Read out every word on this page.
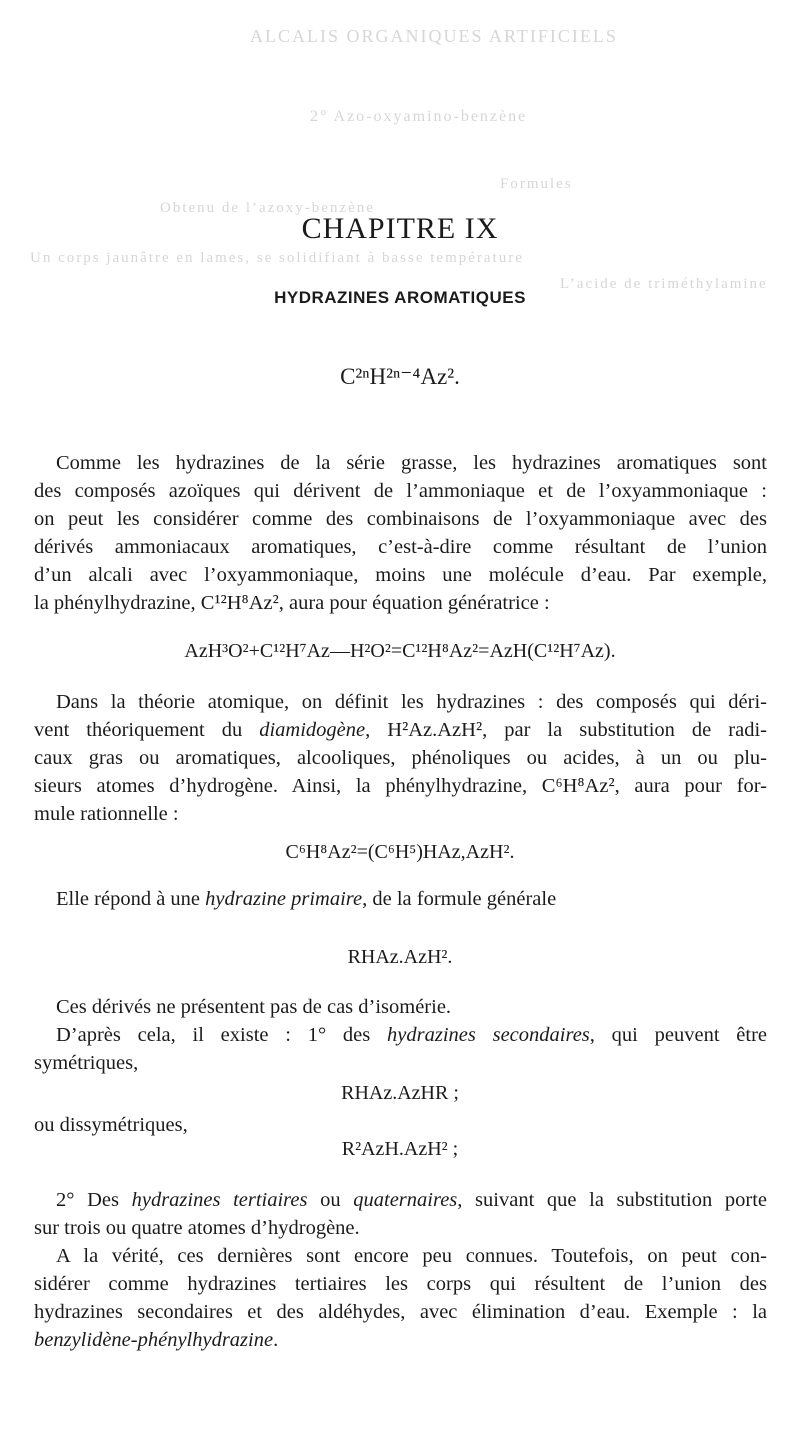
ALCALIS ORGANIQUES ARTIFICIELS
2° Azo-oxyamino-benzène
Formules
Obtenu de l’azoxy-benzène
Un corps jaunâtre en lames, se solidifiant à basse température
L’acide de triméthylamine
CHAPITRE IX
HYDRAZINES AROMATIQUES
C²ⁿH²ⁿ⁻⁴Az².
Comme les hydrazines de la série grasse, les hydrazines aromatiques sont
des composés azoïques qui dérivent de l’ammoniaque et de l’oxyammoniaque :
on peut les considérer comme des combinaisons de l’oxyammoniaque avec des
dérivés ammoniacaux aromatiques, c’est-à-dire comme résultant de l’union
d’un alcali avec l’oxyammoniaque, moins une molécule d’eau. Par exemple,
la phénylhydrazine, C¹²H⁸Az², aura pour équation génératrice :
AzH³O²+C¹²H⁷Az—H²O²=C¹²H⁸Az²=AzH(C¹²H⁷Az).
Dans la théorie atomique, on définit les hydrazines : des composés qui déri-
vent théoriquement du diamidogène, H²Az.AzH², par la substitution de radi-
caux gras ou aromatiques, alcooliques, phénoliques ou acides, à un ou plu-
sieurs atomes d’hydrogène. Ainsi, la phénylhydrazine, C⁶H⁸Az², aura pour for-
mule rationnelle :
C⁶H⁸Az²=(C⁶H⁵)HAz,AzH².
Elle répond à une hydrazine primaire, de la formule générale
RHAz.AzH².
Ces dérivés ne présentent pas de cas d’isomérie.
D’après cela, il existe : 1° des hydrazines secondaires, qui peuvent être
symétriques,
RHAz.AzHR ;
ou dissymétriques,
R²AzH.AzH² ;
2° Des hydrazines tertiaires ou quaternaires, suivant que la substitution porte
sur trois ou quatre atomes d’hydrogène.
A la vérité, ces dernières sont encore peu connues. Toutefois, on peut con-
sidérer comme hydrazines tertiaires les corps qui résultent de l’union des
hydrazines secondaires et des aldéhydes, avec élimination d’eau. Exemple : la
benzylidène-phénylhydrazine.
